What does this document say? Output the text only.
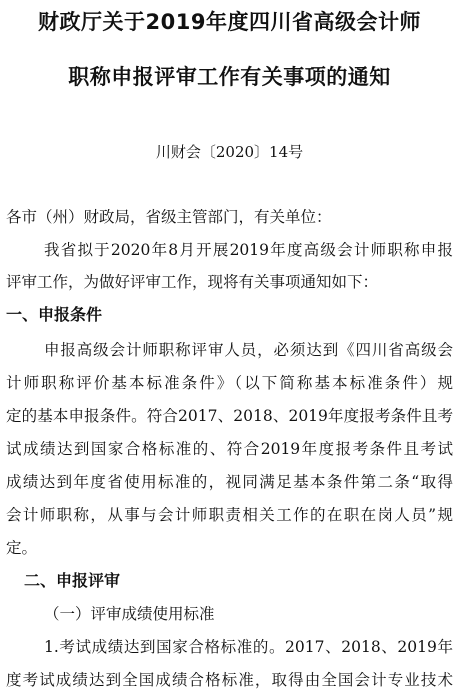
财政厅关于2019年度四川省高级会计师
职称申报评审工作有关事项的通知
川财会〔2020〕14号
各市（州）财政局，省级主管部门，有关单位：
我省拟于2020年8月开展2019年度高级会计师职称申报
评审工作，为做好评审工作，现将有关事项通知如下：
一、申报条件
申报高级会计师职称评审人员，必须达到《四川省高级会
计师职称评价基本标准条件》（以下简称基本标准条件）规
定的基本申报条件。符合2017、2018、2019年度报考条件且考
试成绩达到国家合格标准的、符合2019年度报考条件且考试
成绩达到年度省使用标准的，视同满足基本条件第二条“取得
会计师职称，从事与会计师职责相关工作的在职在岗人员”规
定。
二、申报评审
（一）评审成绩使用标准
1.考试成绩达到国家合格标准的。2017、2018、2019年
度考试成绩达到全国成绩合格标准，取得由全国会计专业技术
